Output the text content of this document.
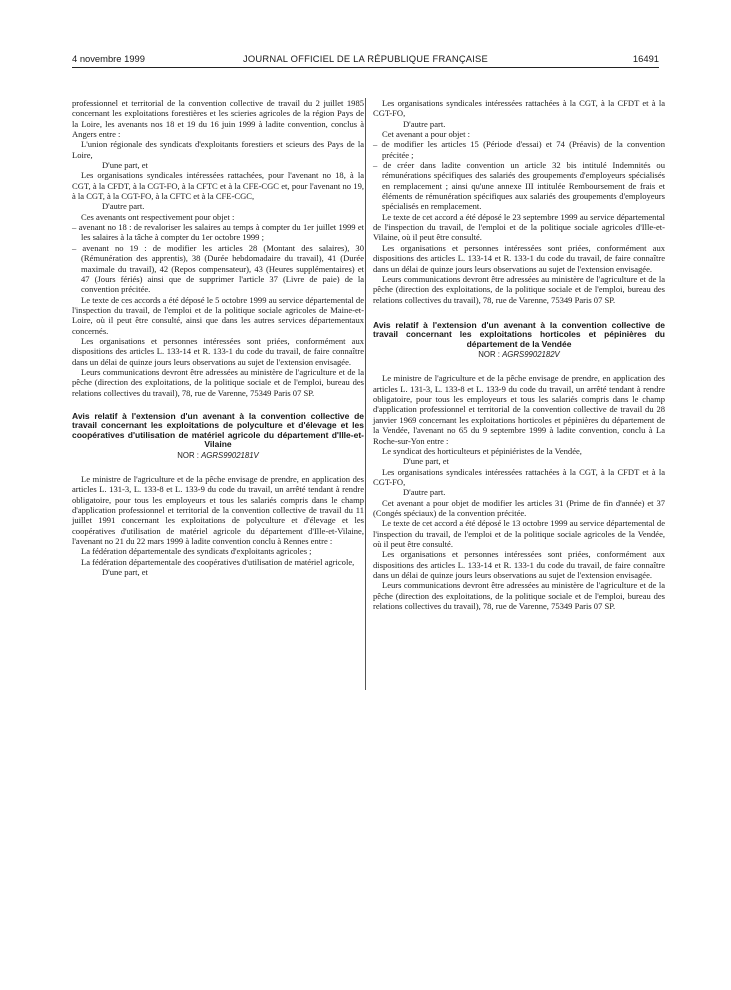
4 novembre 1999	JOURNAL OFFICIEL DE LA RÉPUBLIQUE FRANÇAISE	16491

professionnel et territorial de la convention collective de travail du 2 juillet 1985 concernant les exploitations forestières et les scieries agricoles de la région Pays de la Loire, les avenants nos 18 et 19 du 16 juin 1999 à ladite convention, conclus à Angers entre :

L'union régionale des syndicats d'exploitants forestiers et scieurs des Pays de la Loire,

D'une part, et

Les organisations syndicales intéressées rattachées, pour l'avenant no 18, à la CGT, à la CFDT, à la CGT-FO, à la CFTC et à la CFE-CGC et, pour l'avenant no 19, à la CGT, à la CGT-FO, à la CFTC et à la CFE-CGC,

D'autre part.

Ces avenants ont respectivement pour objet :

– avenant no 18 : de revaloriser les salaires au temps à compter du 1er juillet 1999 et les salaires à la tâche à compter du 1er octobre 1999 ;
– avenant no 19 : de modifier les articles 28 (Montant des salaires), 30 (Rémunération des apprentis), 38 (Durée hebdomadaire du travail), 41 (Durée maximale du travail), 42 (Repos compensateur), 43 (Heures supplémentaires) et 47 (Jours fériés) ainsi que de supprimer l'article 37 (Livre de paie) de la convention précitée.

Le texte de ces accords a été déposé le 5 octobre 1999 au service départemental de l'inspection du travail, de l'emploi et de la politique sociale agricoles de Maine-et-Loire, où il peut être consulté, ainsi que dans les autres services départementaux concernés.

Les organisations et personnes intéressées sont priées, conformément aux dispositions des articles L. 133-14 et R. 133-1 du code du travail, de faire connaître dans un délai de quinze jours leurs observations au sujet de l'extension envisagée.

Leurs communications devront être adressées au ministère de l'agriculture et de la pêche (direction des exploitations, de la politique sociale et de l'emploi, bureau des relations collectives du travail), 78, rue de Varenne, 75349 Paris 07 SP.

Avis relatif à l'extension d'un avenant à la convention collective de travail concernant les exploitations de polyculture et d'élevage et les coopératives d'utilisation de matériel agricole du département d'Ille-et-Vilaine
NOR : AGRS9902181V

Le ministre de l'agriculture et de la pêche envisage de prendre, en application des articles L. 131-3, L. 133-8 et L. 133-9 du code du travail, un arrêté tendant à rendre obligatoire, pour tous les employeurs et tous les salariés compris dans le champ d'application professionnel et territorial de la convention collective de travail du 11 juillet 1991 concernant les exploitations de polyculture et d'élevage et les coopératives d'utilisation de matériel agricole du département d'Ille-et-Vilaine, l'avenant no 21 du 22 mars 1999 à ladite convention conclu à Rennes entre :

La fédération départementale des syndicats d'exploitants agricoles ;

La fédération départementale des coopératives d'utilisation de matériel agricole,

D'une part, et

Les organisations syndicales intéressées rattachées à la CGT, à la CFDT et à la CGT-FO,

D'autre part.

Cet avenant a pour objet :

– de modifier les articles 15 (Période d'essai) et 74 (Préavis) de la convention précitée ;
– de créer dans ladite convention un article 32 bis intitulé Indemnités ou rémunérations spécifiques des salariés des groupements d'employeurs spécialisés en remplacement ; ainsi qu'une annexe III intitulée Remboursement de frais et éléments de rémunération spécifiques aux salariés des groupements d'employeurs spécialisés en remplacement.

Le texte de cet accord a été déposé le 23 septembre 1999 au service départemental de l'inspection du travail, de l'emploi et de la politique sociale agricoles d'Ille-et-Vilaine, où il peut être consulté.

Les organisations et personnes intéressées sont priées, conformément aux dispositions des articles L. 133-14 et R. 133-1 du code du travail, de faire connaître dans un délai de quinze jours leurs observations au sujet de l'extension envisagée.

Leurs communications devront être adressées au ministère de l'agriculture et de la pêche (direction des exploitations, de la politique sociale et de l'emploi, bureau des relations collectives du travail), 78, rue de Varenne, 75349 Paris 07 SP.

Avis relatif à l'extension d'un avenant à la convention collective de travail concernant les exploitations horticoles et pépinières du département de la Vendée
NOR : AGRS9902182V

Le ministre de l'agriculture et de la pêche envisage de prendre, en application des articles L. 131-3, L. 133-8 et L. 133-9 du code du travail, un arrêté tendant à rendre obligatoire, pour tous les employeurs et tous les salariés compris dans le champ d'application professionnel et territorial de la convention collective de travail du 28 janvier 1969 concernant les exploitations horticoles et pépinières du département de la Vendée, l'avenant no 65 du 9 septembre 1999 à ladite convention, conclu à La Roche-sur-Yon entre :

Le syndicat des horticulteurs et pépiniéristes de la Vendée,

D'une part, et

Les organisations syndicales intéressées rattachées à la CGT, à la CFDT et à la CGT-FO,

D'autre part.

Cet avenant a pour objet de modifier les articles 31 (Prime de fin d'année) et 37 (Congés spéciaux) de la convention précitée.

Le texte de cet accord a été déposé le 13 octobre 1999 au service départemental de l'inspection du travail, de l'emploi et de la politique sociale agricoles de la Vendée, où il peut être consulté.

Les organisations et personnes intéressées sont priées, conformément aux dispositions des articles L. 133-14 et R. 133-1 du code du travail, de faire connaître dans un délai de quinze jours leurs observations au sujet de l'extension envisagée.

Leurs communications devront être adressées au ministère de l'agriculture et de la pêche (direction des exploitations, de la politique sociale et de l'emploi, bureau des relations collectives du travail), 78, rue de Varenne, 75349 Paris 07 SP.
